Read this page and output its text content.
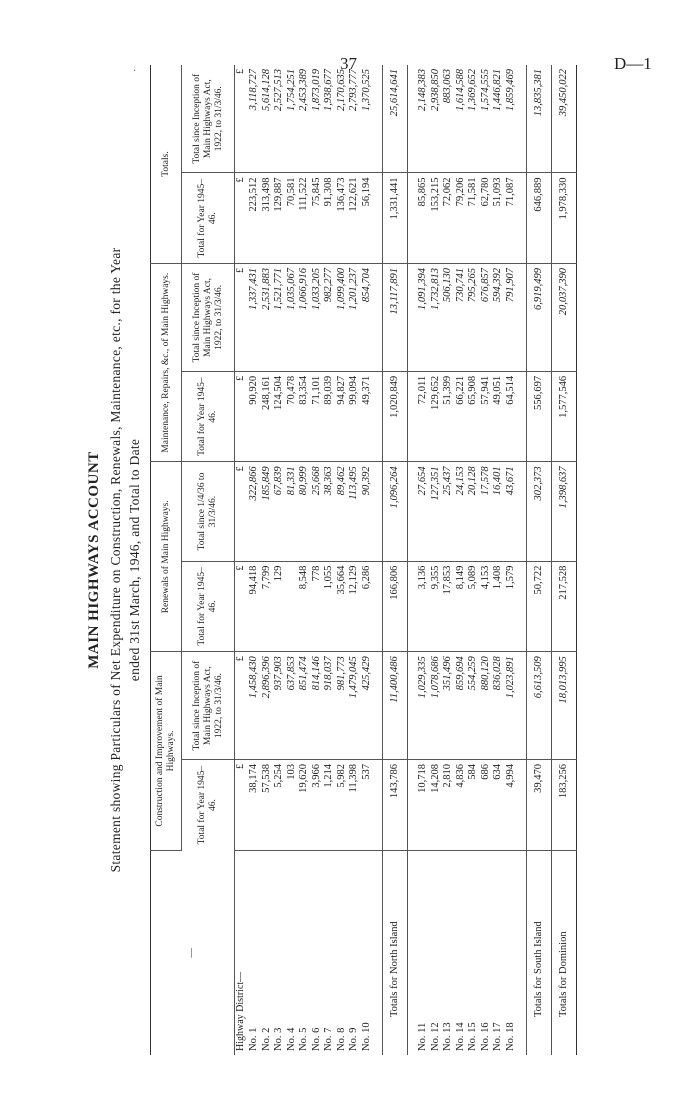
37	D—1
·
MAIN HIGHWAYS ACCOUNT Statement showing Particulars of Net Expenditure on Construction, Renewals, Maintenance, etc., for the Year ended 31st March, 1946, and Total to Date
—	Construction and Improvement of Main Highways.		Renewals of Main Highways.		Maintenance, Repairs, &c., of Main Highways.		Totals.	
	Total for Year 1945–46.	Total since Inception of Main Highways Act, 1922, to 31/3/46.	Total for Year 1945–46.	Total since 1/4/36 to 31/3/46.	Total for Year 1945–46.	Total since Inception of Main Highways Act, 1922, to 31/3/46.	Total for Year 1945–46.	Total since Inception of Main Highways Act, 1922, to 31/3/46.
Highway District—	£	£	£	£	£	£	£	£
No. 1	38,174	1,458,430	94,418	322,866	90,920	1,337,431	223,512	3,118,727
No. 2	57,538	2,896,396	7,799	185,849	248,161	2,531,883	313,498	5,614,128
No. 3	5,254	937,903	129	67,839	124,504	1,521,771	129,887	2,527,513
No. 4	103	637,853		81,331	70,478	1,035,067	70,581	1,754,251
No. 5	19,620	851,474	8,548	80,999	83,354	1,066,916	111,522	2,453,389
No. 6	3,966	814,146	778	25,668	71,101	1,033,205	75,845	1,873,019
No. 7	1,214	918,037	1,055	38,363	89,039	982,277	91,308	1,938,677
No. 8	5,982	981,773	35,664	89,462	94,827	1,099,400	136,473	2,170,635
No. 9	11,398	1,479,045	12,129	113,495	99,094	1,201,237	122,621	2,793,777
No. 10	537	425,429	6,286	90,392	49,371	854,704	56,194	1,370,525

Totals for North Island	143,786	11,400,486	166,806	1,096,264	1,020,849	13,117,891	1,331,441	25,614,641

No. 11	10,718	1,029,335	3,136	27,654	72,011	1,091,394	85,865	2,148,383
No. 12	14,208	1,078,686	9,355	127,351	129,652	1,732,813	153,215	2,938,850
No. 13	2,810	351,496	17,853	25,437	51,399	506,130	72,062	883,063
No. 14	4,836	859,694	8,149	24,153	66,221	730,741	79,206	1,614,588
No. 15	584	554,259	5,089	20,128	65,908	795,265	71,581	1,369,652
No. 16	686	880,120	4,153	17,578	57,941	676,857	62,780	1,574,555
No. 17	634	836,028	1,408	16,401	49,051	594,392	51,093	1,446,821
No. 18	4,994	1,023,891	1,579	43,671	64,514	791,907	71,087	1,859,469

Totals for South Island	39,470	6,613,509	50,722	302,373	556,697	6,919,499	646,889	13,835,381
Totals for Dominion	183,256	18,013,995	217,528	1,398,637	1,577,546	20,037,390	1,978,330	39,450,022
